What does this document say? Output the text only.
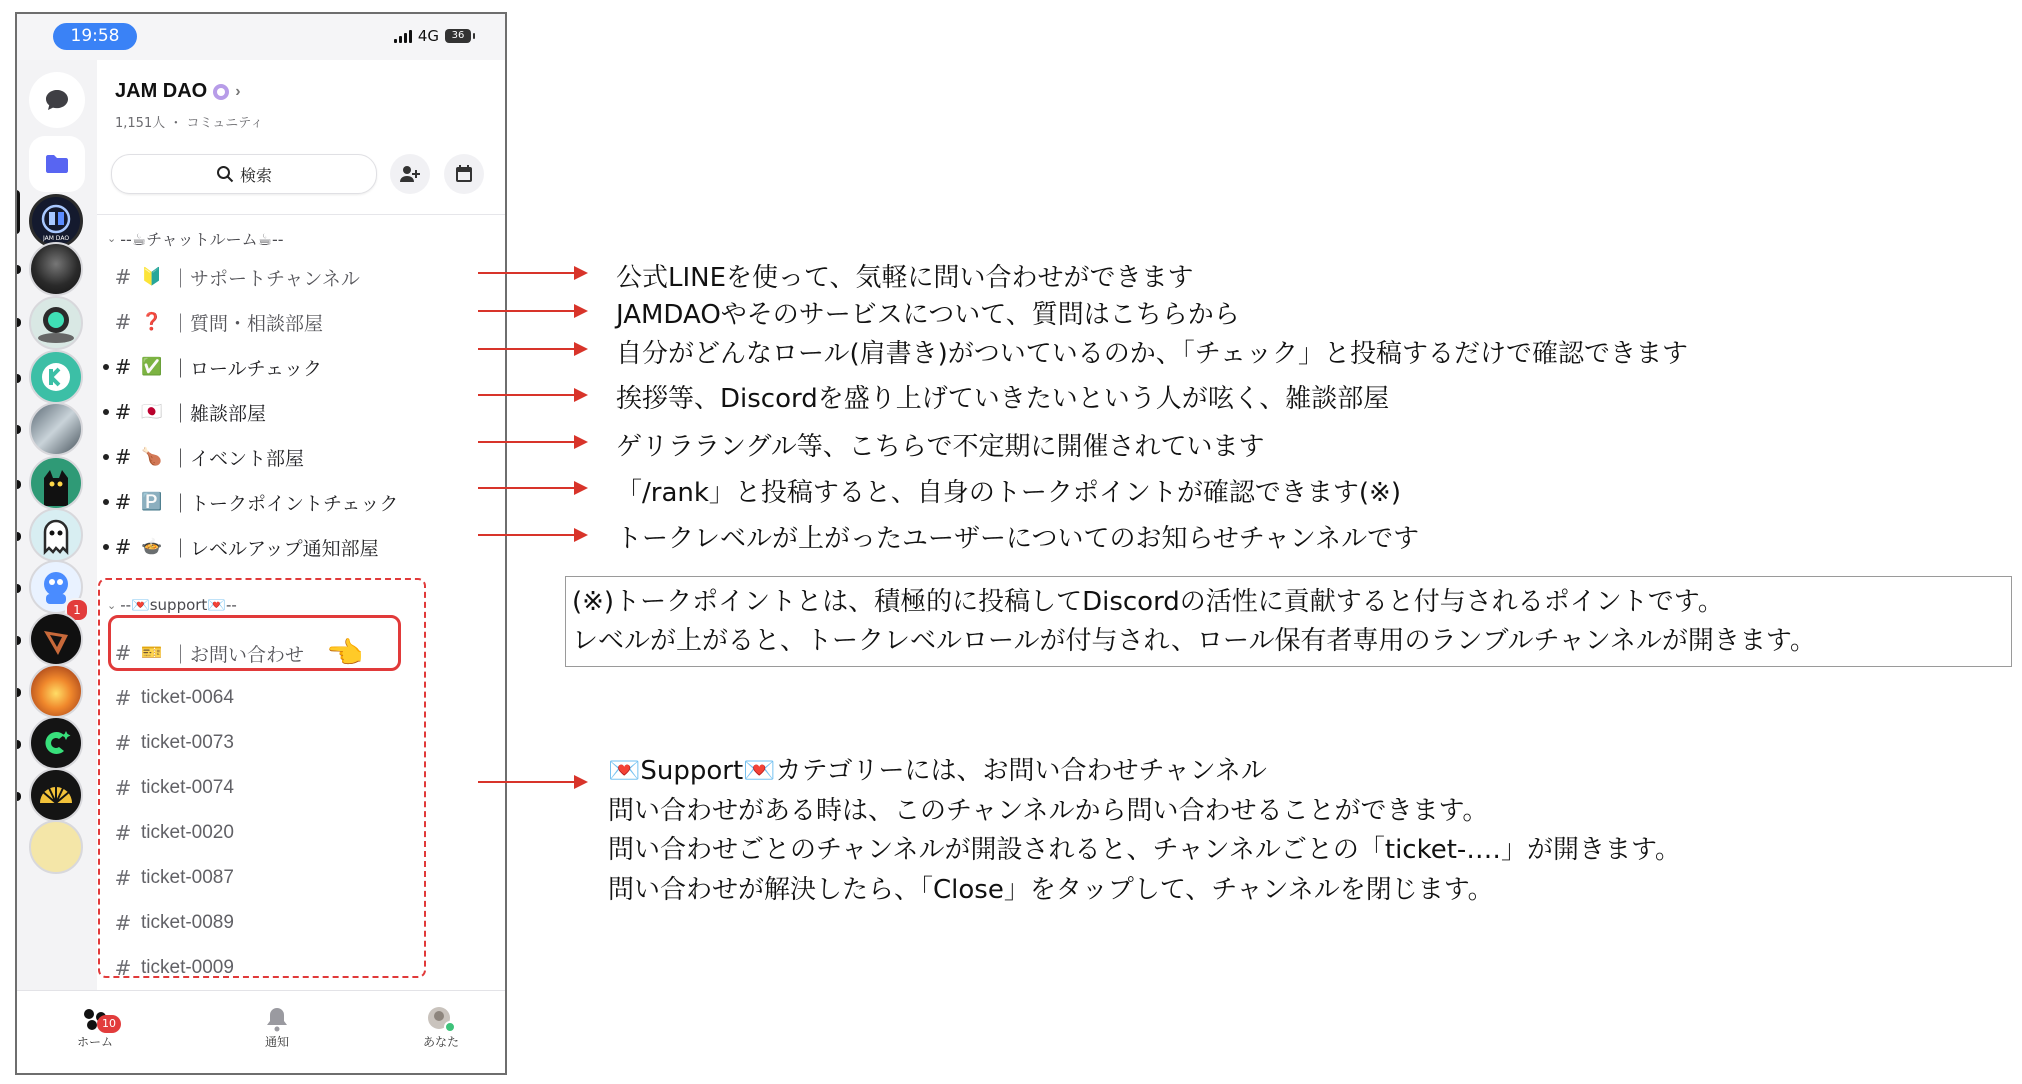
19:58	4G	36
JAM DAO
1
JAM DAO ›
1,151人 ・ コミュニティ
検索
⌄ --☕チャットルーム☕--
# 🔰 ｜サポートチャンネル
# ❓ ｜質問・相談部屋
# ✅ ｜ロールチェック
# 🇯🇵 ｜雑談部屋
# 🍗 ｜イベント部屋
# 🅿️ ｜トークポイントチェック
# 🍲 ｜レベルアップ通知部屋
⌄ --💌support💌--
# 🎫 ｜お問い合わせ 👈
# ticket-0064
# ticket-0073
# ticket-0074
# ticket-0020
# ticket-0087
# ticket-0089
# ticket-0009
10
ホーム	通知	あなた
公式LINEを使って、気軽に問い合わせができます
JAMDAOやそのサービスについて、質問はこちらから
自分がどんなロール(肩書き)がついているのか、「チェック」と投稿するだけで確認できます
挨拶等、Discordを盛り上げていきたいという人が呟く、雑談部屋
ゲリララングル等、こちらで不定期に開催されています
「/rank」と投稿すると、自身のトークポイントが確認できます(※)
トークレベルが上がったユーザーについてのお知らせチャンネルです
(※)トークポイントとは、積極的に投稿してDiscordの活性に貢献すると付与されるポイントです。
レベルが上がると、トークレベルロールが付与され、ロール保有者専用のランブルチャンネルが開きます。
💌Support💌カテゴリーには、お問い合わせチャンネル
問い合わせがある時は、このチャンネルから問い合わせることができます。
問い合わせごとのチャンネルが開設されると、チャンネルごとの「ticket-‥‥」が開きます。
問い合わせが解決したら、「Close」をタップして、チャンネルを閉じます。
